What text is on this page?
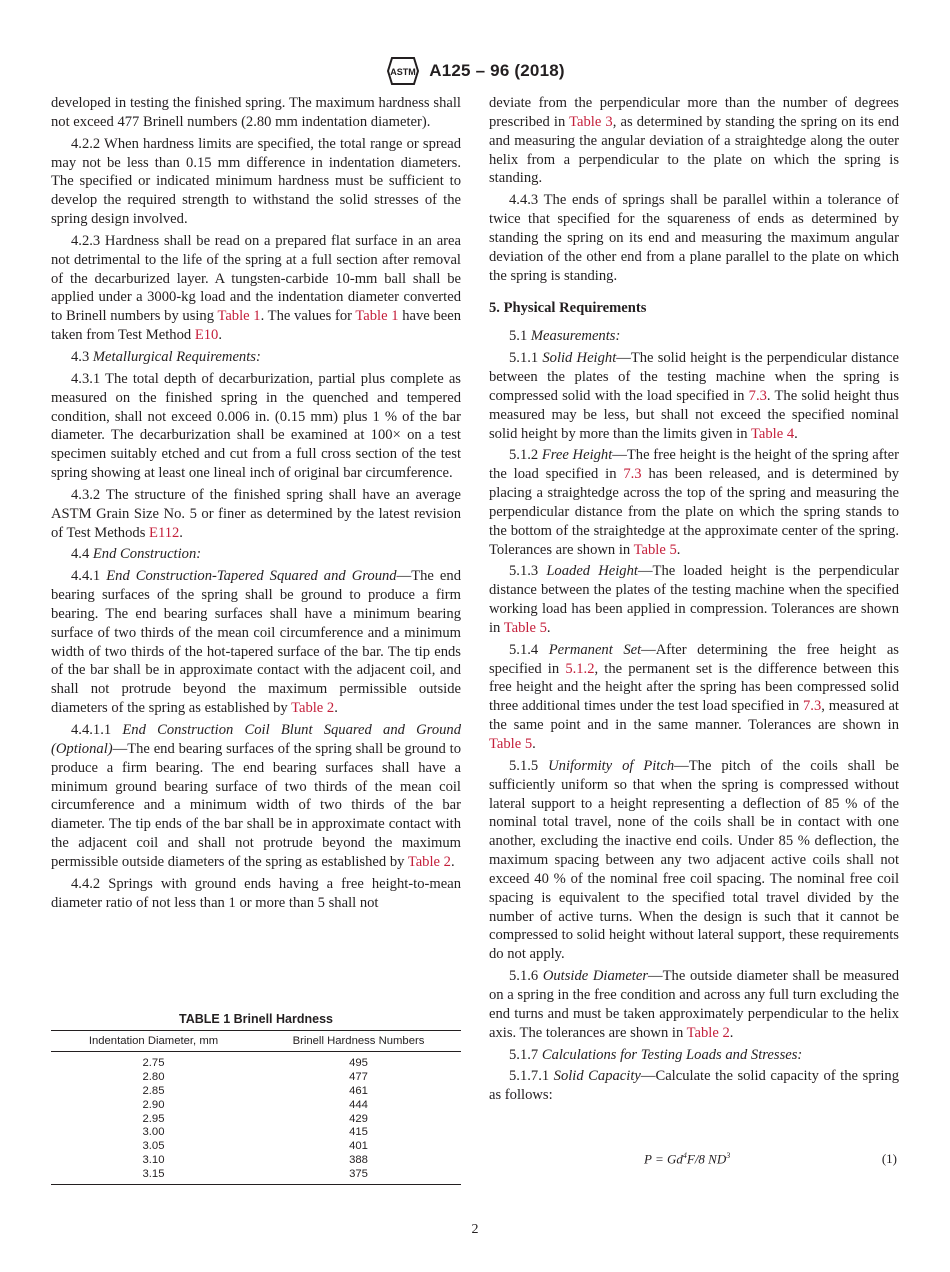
ASTM A125 – 96 (2018)

developed in testing the finished spring. The maximum hardness shall not exceed 477 Brinell numbers (2.80 mm indentation diameter).

4.2.2 When hardness limits are specified, the total range or spread may not be less than 0.15 mm difference in indentation diameters. The specified or indicated minimum hardness must be sufficient to develop the required strength to withstand the solid stresses of the spring design involved.

4.2.3 Hardness shall be read on a prepared flat surface in an area not detrimental to the life of the spring at a full section after removal of the decarburized layer. A tungsten-carbide 10-mm ball shall be applied under a 3000-kg load and the indentation diameter converted to Brinell numbers by using Table 1. The values for Table 1 have been taken from Test Method E10.

4.3 Metallurgical Requirements:

4.3.1 The total depth of decarburization, partial plus complete as measured on the finished spring in the quenched and tempered condition, shall not exceed 0.006 in. (0.15 mm) plus 1 % of the bar diameter. The decarburization shall be examined at 100× on a test specimen suitably etched and cut from a full cross section of the test spring showing at least one lineal inch of original bar circumference.

4.3.2 The structure of the finished spring shall have an average ASTM Grain Size No. 5 or finer as determined by the latest revision of Test Methods E112.

4.4 End Construction:

4.4.1 End Construction-Tapered Squared and Ground—The end bearing surfaces of the spring shall be ground to produce a firm bearing. The end bearing surfaces shall have a minimum bearing surface of two thirds of the mean coil circumference and a minimum width of two thirds of the hot-tapered surface of the bar. The tip ends of the bar shall be in approximate contact with the adjacent coil, and shall not protrude beyond the maximum permissible outside diameters of the spring as established by Table 2.

4.4.1.1 End Construction Coil Blunt Squared and Ground (Optional)—The end bearing surfaces of the spring shall be ground to produce a firm bearing. The end bearing surfaces shall have a minimum ground bearing surface of two thirds of the mean coil circumference and a minimum width of two thirds of the bar diameter. The tip ends of the bar shall be in approximate contact with the adjacent coil and shall not protrude beyond the maximum permissible outside diameters of the spring as established by Table 2.

4.4.2 Springs with ground ends having a free height-to-mean diameter ratio of not less than 1 or more than 5 shall not

TABLE 1 Brinell Hardness
Indentation Diameter, mm	Brinell Hardness Numbers
2.75	495
2.80	477
2.85	461
2.90	444
2.95	429
3.00	415
3.05	401
3.10	388
3.15	375

deviate from the perpendicular more than the number of degrees prescribed in Table 3, as determined by standing the spring on its end and measuring the angular deviation of a straightedge along the outer helix from a perpendicular to the plate on which the spring is standing.

4.4.3 The ends of springs shall be parallel within a tolerance of twice that specified for the squareness of ends as determined by standing the spring on its end and measuring the maximum angular deviation of the other end from a plane parallel to the plate on which the spring is standing.

5. Physical Requirements

5.1 Measurements:

5.1.1 Solid Height—The solid height is the perpendicular distance between the plates of the testing machine when the spring is compressed solid with the load specified in 7.3. The solid height thus measured may be less, but shall not exceed the specified nominal solid height by more than the limits given in Table 4.

5.1.2 Free Height—The free height is the height of the spring after the load specified in 7.3 has been released, and is determined by placing a straightedge across the top of the spring and measuring the perpendicular distance from the plate on which the spring stands to the bottom of the straightedge at the approximate center of the spring. Tolerances are shown in Table 5.

5.1.3 Loaded Height—The loaded height is the perpendicular distance between the plates of the testing machine when the specified working load has been applied in compression. Tolerances are shown in Table 5.

5.1.4 Permanent Set—After determining the free height as specified in 5.1.2, the permanent set is the difference between this free height and the height after the spring has been compressed solid three additional times under the test load specified in 7.3, measured at the same point and in the same manner. Tolerances are shown in Table 5.

5.1.5 Uniformity of Pitch—The pitch of the coils shall be sufficiently uniform so that when the spring is compressed without lateral support to a height representing a deflection of 85 % of the nominal total travel, none of the coils shall be in contact with one another, excluding the inactive end coils. Under 85 % deflection, the maximum spacing between any two adjacent active coils shall not exceed 40 % of the nominal free coil spacing. The nominal free coil spacing is equivalent to the specified total travel divided by the number of active turns. When the design is such that it cannot be compressed to solid height without lateral support, these requirements do not apply.

5.1.6 Outside Diameter—The outside diameter shall be measured on a spring in the free condition and across any full turn excluding the end turns and must be taken approximately perpendicular to the helix axis. The tolerances are shown in Table 2.

5.1.7 Calculations for Testing Loads and Stresses:

5.1.7.1 Solid Capacity—Calculate the solid capacity of the spring as follows:

$P = Gd^4F/8$ $ND^3$	(1)
2
